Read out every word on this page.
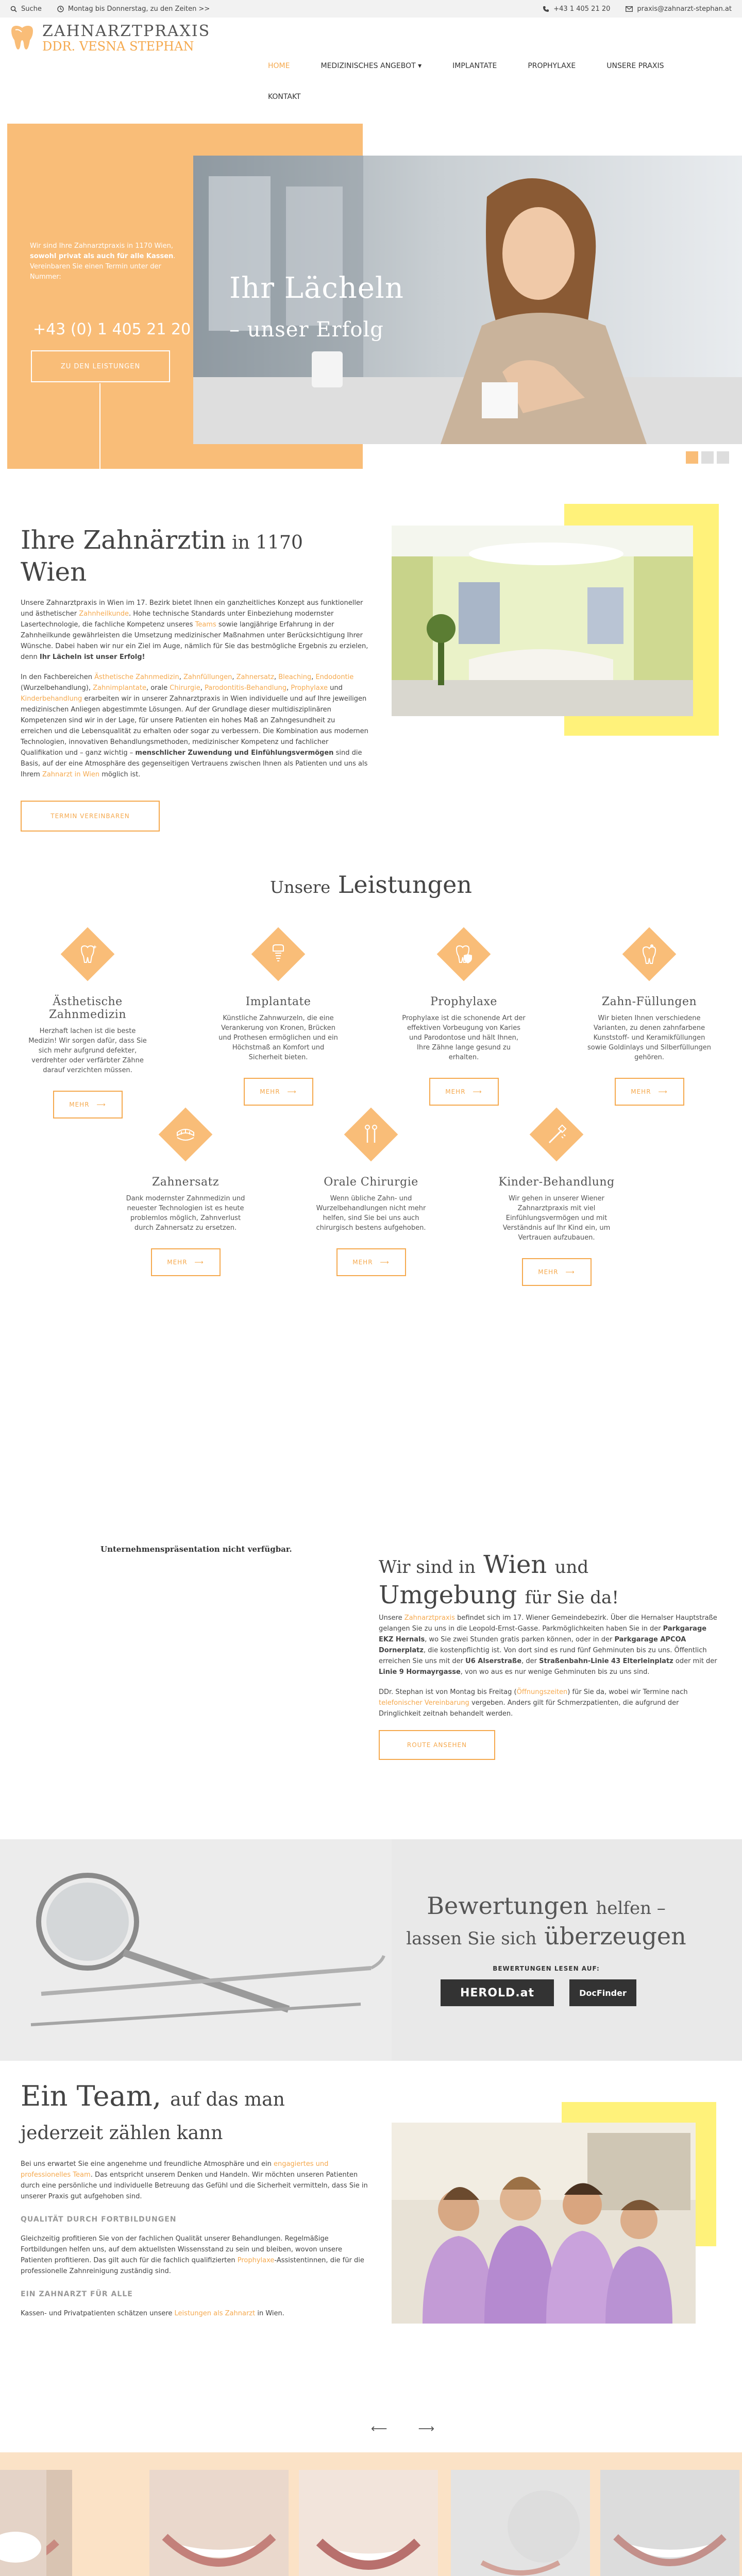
Suche	Montag bis Donnerstag, zu den Zeiten >>	+43 1 405 21 20	praxis@zahnarzt-stephan.at
ZAHNARZTPRAXIS
DDR. VESNA STEPHAN
HOME	MEDIZINISCHES ANGEBOT ▾	IMPLANTATE	PROPHYLAXE	UNSERE PRAXIS
KONTAKT
Wir sind Ihre Zahnarztpraxis in 1170 Wien, sowohl privat als auch für alle Kassen. Vereinbaren Sie einen Termin unter der Nummer:
+43 (0) 1 405 21 20
ZU DEN LEISTUNGEN
Ihr Lächeln
– unser Erfolg
Ihre Zahnärztin in 1170
Wien

Unsere Zahnarztpraxis in Wien im 17. Bezirk bietet Ihnen ein ganzheitliches Konzept aus funktioneller und ästhetischer Zahnheilkunde. Hohe technische Standards unter Einbeziehung modernster Lasertechnologie, die fachliche Kompetenz unseres Teams sowie langjährige Erfahrung in der Zahnheilkunde gewährleisten die Umsetzung medizinischer Maßnahmen unter Berücksichtigung Ihrer Wünsche. Dabei haben wir nur ein Ziel im Auge, nämlich für Sie das bestmögliche Ergebnis zu erzielen, denn Ihr Lächeln ist unser Erfolg!

In den Fachbereichen Ästhetische Zahnmedizin, Zahnfüllungen, Zahnersatz, Bleaching, Endodontie (Wurzelbehandlung), Zahnimplantate, orale Chirurgie, Parodontitis-Behandlung, Prophylaxe und Kinderbehandlung erarbeiten wir in unserer Zahnarztpraxis in Wien individuelle und auf Ihre jeweiligen medizinischen Anliegen abgestimmte Lösungen. Auf der Grundlage dieser multidisziplinären Kompetenzen sind wir in der Lage, für unsere Patienten ein hohes Maß an Zahngesundheit zu erreichen und die Lebensqualität zu erhalten oder sogar zu verbessern. Die Kombination aus modernen Technologien, innovativen Behandlungsmethoden, medizinischer Kompetenz und fachlicher Qualifikation und – ganz wichtig – menschlicher Zuwendung und Einfühlungsvermögen sind die Basis, auf der eine Atmosphäre des gegenseitigen Vertrauens zwischen Ihnen als Patienten und uns als Ihrem Zahnarzt in Wien möglich ist.

TERMIN VEREINBAREN
Unsere Leistungen
Ästhetische Zahnmedizin
Herzhaft lachen ist die beste Medizin! Wir sorgen dafür, dass Sie sich mehr aufgrund defekter, verdrehter oder verfärbter Zähne darauf verzichten müssen.
MEHR ⟶
Implantate
Künstliche Zahnwurzeln, die eine Verankerung von Kronen, Brücken und Prothesen ermöglichen und ein Höchstmaß an Komfort und Sicherheit bieten.
MEHR ⟶
Prophylaxe
Prophylaxe ist die schonende Art der effektiven Vorbeugung von Karies und Parodontose und hält Ihnen, Ihre Zähne lange gesund zu erhalten.
MEHR ⟶
Zahn-Füllungen
Wir bieten Ihnen verschiedene Varianten, zu denen zahnfarbene Kunststoff- und Keramikfüllungen sowie Goldinlays und Silberfüllungen gehören.
MEHR ⟶
Zahnersatz
Dank modernster Zahnmedizin und neuester Technologien ist es heute problemlos möglich, Zahnverlust durch Zahnersatz zu ersetzen.
MEHR ⟶
Orale Chirurgie
Wenn übliche Zahn- und Wurzelbehandlungen nicht mehr helfen, sind Sie bei uns auch chirurgisch bestens aufgehoben.
MEHR ⟶
Kinder-Behandlung
Wir gehen in unserer Wiener Zahnarztpraxis mit viel Einfühlungsvermögen und mit Verständnis auf Ihr Kind ein, um Vertrauen aufzubauen.
MEHR ⟶
Unternehmenspräsentation nicht verfügbar.
Wir sind in Wien und
Umgebung für Sie da!

Unsere Zahnarztpraxis befindet sich im 17. Wiener Gemeindebezirk. Über die Hernalser Hauptstraße gelangen Sie zu uns in die Leopold-Ernst-Gasse. Parkmöglichkeiten haben Sie in der Parkgarage EKZ Hernals, wo Sie zwei Stunden gratis parken können, oder in der Parkgarage APCOA Dornerplatz, die kostenpflichtig ist. Von dort sind es rund fünf Gehminuten bis zu uns. Öffentlich erreichen Sie uns mit der U6 Alserstraße, der Straßenbahn-Linie 43 Elterleinplatz oder mit der Linie 9 Hormayrgasse, von wo aus es nur wenige Gehminuten bis zu uns sind.

DDr. Stephan ist von Montag bis Freitag (Öffnungszeiten) für Sie da, wobei wir Termine nach telefonischer Vereinbarung vergeben. Anders gilt für Schmerzpatienten, die aufgrund der Dringlichkeit zeitnah behandelt werden.

ROUTE ANSEHEN
Bewertungen helfen –
lassen Sie sich überzeugen
BEWERTUNGEN LESEN AUF:
HEROLD.at	DocFinder
Ein Team, auf das man
jederzeit zählen kann

Bei uns erwartet Sie eine angenehme und freundliche Atmosphäre und ein engagiertes und professionelles Team. Das entspricht unserem Denken und Handeln. Wir möchten unseren Patienten durch eine persönliche und individuelle Betreuung das Gefühl und die Sicherheit vermitteln, dass Sie in unserer Praxis gut aufgehoben sind.

QUALITÄT DURCH FORTBILDUNGEN

Gleichzeitig profitieren Sie von der fachlichen Qualität unserer Behandlungen. Regelmäßige Fortbildungen helfen uns, auf dem aktuellsten Wissensstand zu sein und bleiben, wovon unsere Patienten profitieren. Das gilt auch für die fachlich qualifizierten Prophylaxe-Assistentinnen, die für die professionelle Zahnreinigung zuständig sind.

EIN ZAHNARZT FÜR ALLE

Kassen- und Privatpatienten schätzen unsere Leistungen als Zahnarzt in Wien.

⟵	⟶
